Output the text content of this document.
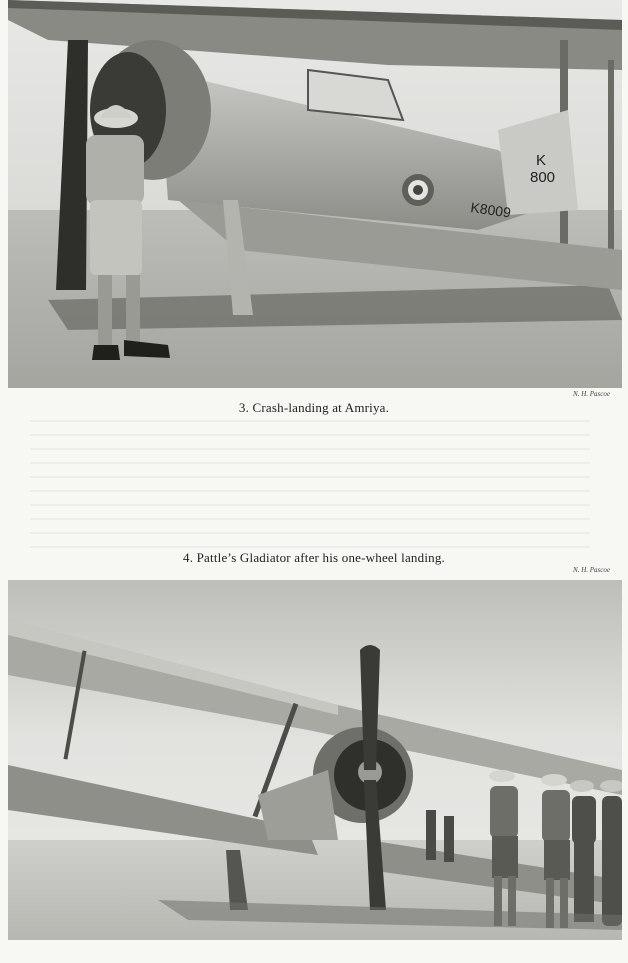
K
800
K8009
N. H. Pascoe
3. Crash-landing at Amriya.
4. Pattle’s Gladiator after his one-wheel landing.
N. H. Pascoe
